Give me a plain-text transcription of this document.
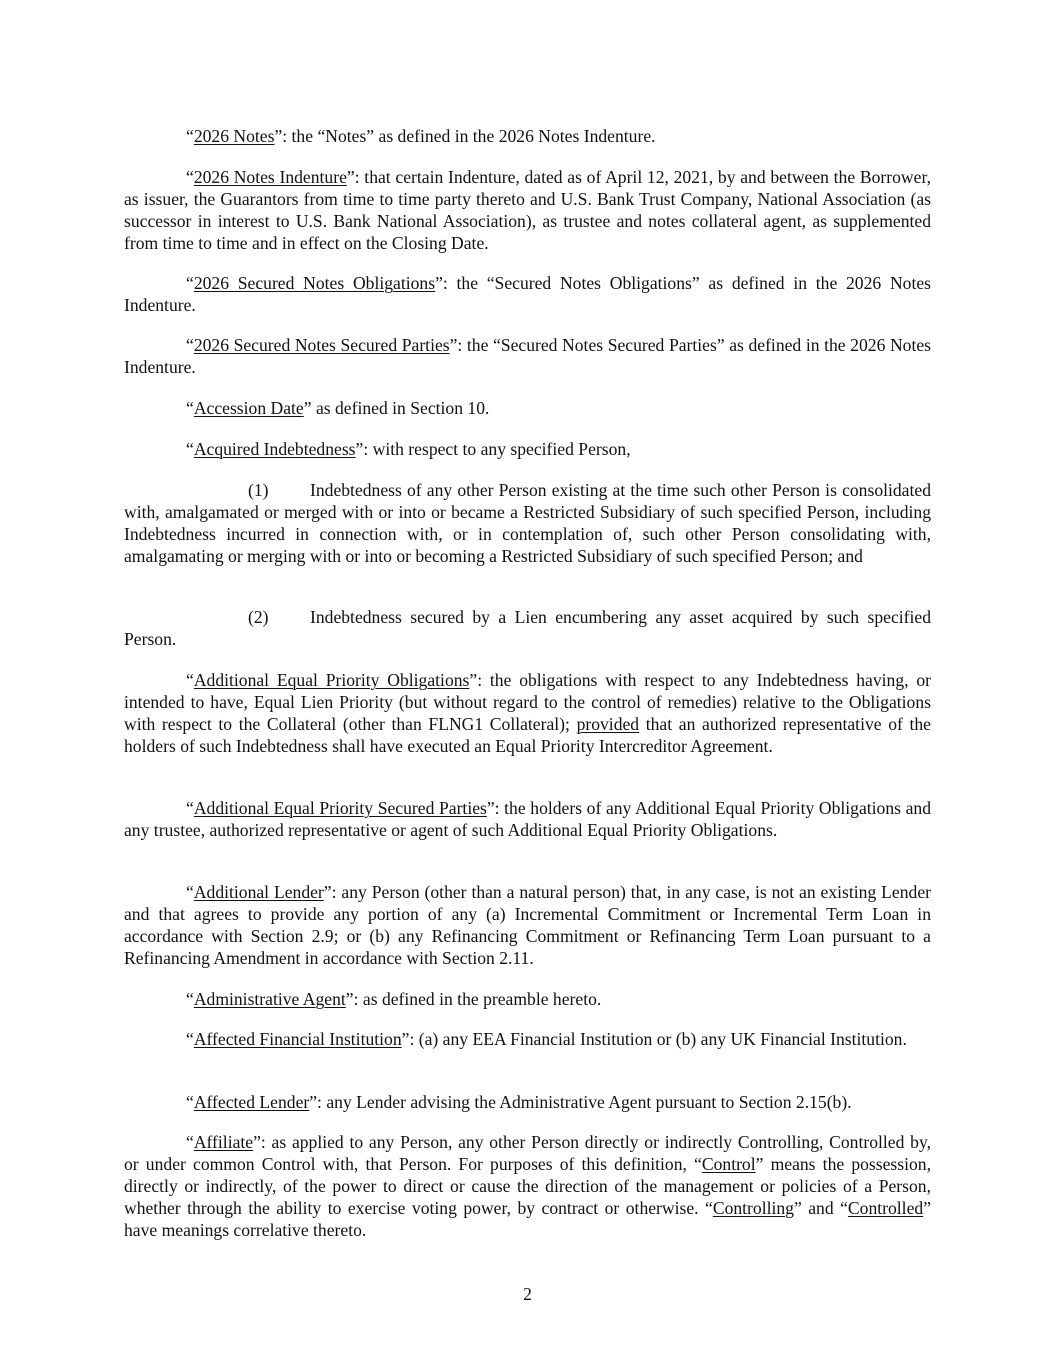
“2026 Notes”: the “Notes” as defined in the 2026 Notes Indenture.

“2026 Notes Indenture”: that certain Indenture, dated as of April 12, 2021, by and between the Borrower, as issuer, the Guarantors from time to time party thereto and U.S. Bank Trust Company, National Association (as successor in interest to U.S. Bank National Association), as trustee and notes collateral agent, as supplemented from time to time and in effect on the Closing Date.

“2026 Secured Notes Obligations”: the “Secured Notes Obligations” as defined in the 2026 Notes Indenture.

“2026 Secured Notes Secured Parties”: the “Secured Notes Secured Parties” as defined in the 2026 Notes Indenture.

“Accession Date” as defined in Section 10.

“Acquired Indebtedness”: with respect to any specified Person,

(1) Indebtedness of any other Person existing at the time such other Person is consolidated with, amalgamated or merged with or into or became a Restricted Subsidiary of such specified Person, including Indebtedness incurred in connection with, or in contemplation of, such other Person consolidating with, amalgamating or merging with or into or becoming a Restricted Subsidiary of such specified Person; and

(2) Indebtedness secured by a Lien encumbering any asset acquired by such specified Person.

“Additional Equal Priority Obligations”: the obligations with respect to any Indebtedness having, or intended to have, Equal Lien Priority (but without regard to the control of remedies) relative to the Obligations with respect to the Collateral (other than FLNG1 Collateral); provided that an authorized representative of the holders of such Indebtedness shall have executed an Equal Priority Intercreditor Agreement.

“Additional Equal Priority Secured Parties”: the holders of any Additional Equal Priority Obligations and any trustee, authorized representative or agent of such Additional Equal Priority Obligations.

“Additional Lender”: any Person (other than a natural person) that, in any case, is not an existing Lender and that agrees to provide any portion of any (a) Incremental Commitment or Incremental Term Loan in accordance with Section 2.9; or (b) any Refinancing Commitment or Refinancing Term Loan pursuant to a Refinancing Amendment in accordance with Section 2.11.

“Administrative Agent”: as defined in the preamble hereto.

“Affected Financial Institution”: (a) any EEA Financial Institution or (b) any UK Financial Institution.

“Affected Lender”: any Lender advising the Administrative Agent pursuant to Section 2.15(b).

“Affiliate”: as applied to any Person, any other Person directly or indirectly Controlling, Controlled by, or under common Control with, that Person. For purposes of this definition, “Control” means the possession, directly or indirectly, of the power to direct or cause the direction of the management or policies of a Person, whether through the ability to exercise voting power, by contract or otherwise. “Controlling” and “Controlled” have meanings correlative thereto.

2
